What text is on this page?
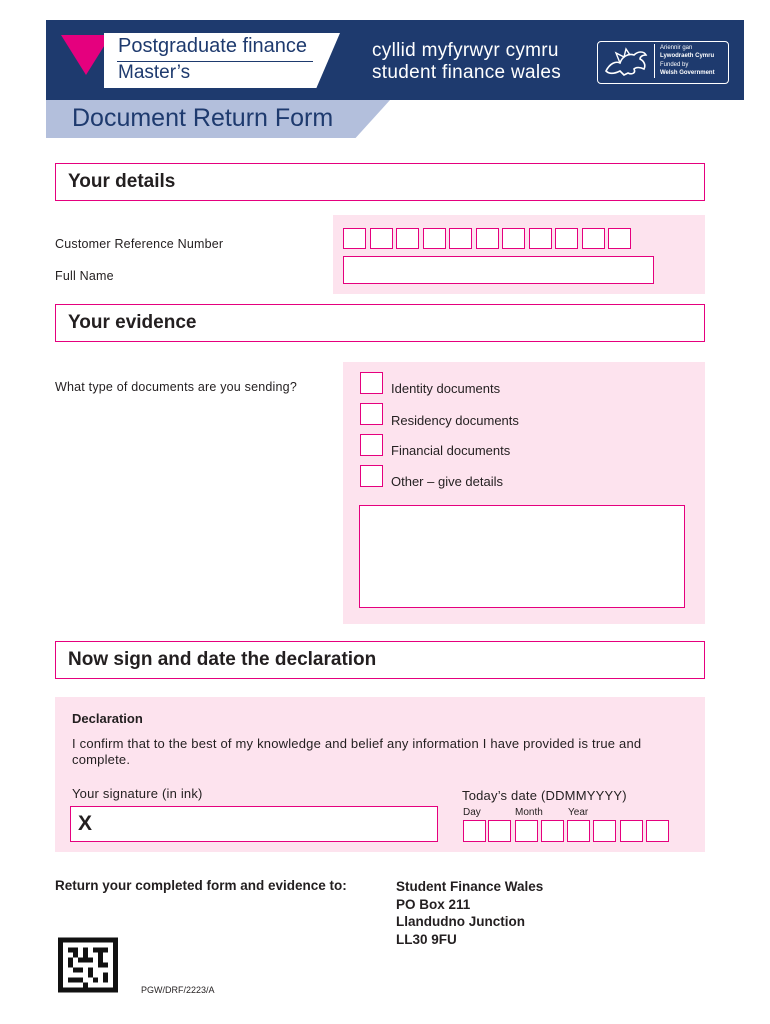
Postgraduate finance
Master’s
cyllid myfyrwyr cymru
student finance wales
Ariennir gan
Lywodraeth Cymru
Funded by
Welsh Government
Document Return Form
Your details
Customer Reference Number
Full Name
Your evidence
What type of documents are you sending?	Identity documents
Residency documents
Financial documents
Other – give details
Now sign and date the declaration
Declaration
I confirm that to the best of my knowledge and belief any information I have provided is true and complete.
Your signature (in ink)
X
Today’s date (DDMMYYYY)
Day	Month	Year
Return your completed form and evidence to:	Student Finance Wales
PO Box 211
Llandudno Junction
LL30 9FU
PGW/DRF/2223/A
